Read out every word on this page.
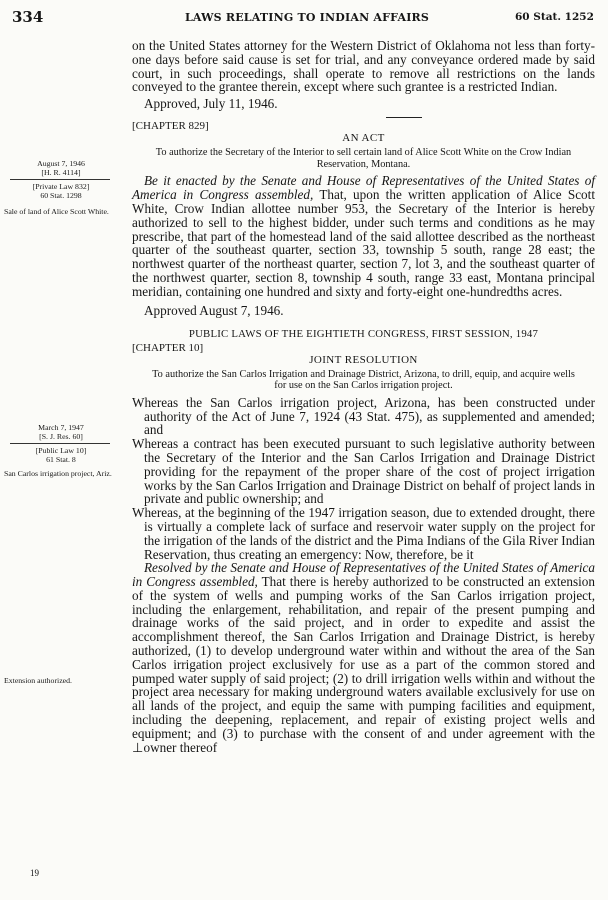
334	LAWS RELATING TO INDIAN AFFAIRS	60 Stat. 1252
August 7, 1946
[H. R. 4114]
[Private Law 832]
60 Stat. 1298
Sale of land of Alice Scott White.
March 7, 1947
[S. J. Res. 60]
[Public Law 10]
61 Stat. 8
San Carlos irrigation project, Ariz.
Extension authorized.
19

on the United States attorney for the Western District of Oklahoma not less than forty-one days before said cause is set for trial, and any conveyance ordered made by said court, in such proceedings, shall operate to remove all restrictions on the lands conveyed to the grantee therein, except where such grantee is a restricted Indian.

Approved, July 11, 1946.

[CHAPTER 829]

AN ACT

To authorize the Secretary of the Interior to sell certain land of Alice Scott White on the Crow Indian Reservation, Montana.

Be it enacted by the Senate and House of Representatives of the United States of America in Congress assembled, That, upon the written application of Alice Scott White, Crow Indian allottee number 953, the Secretary of the Interior is hereby authorized to sell to the highest bidder, under such terms and conditions as he may prescribe, that part of the homestead land of the said allottee described as the northeast quarter of the southeast quarter, section 33, township 5 south, range 28 east; the northwest quarter of the northeast quarter, section 7, lot 3, and the southeast quarter of the northwest quarter, section 8, township 4 south, range 33 east, Montana principal meridian, containing one hundred and sixty and forty-eight one-hundredths acres.

Approved August 7, 1946.

PUBLIC LAWS OF THE EIGHTIETH CONGRESS, FIRST SESSION, 1947

[CHAPTER 10]

JOINT RESOLUTION

To authorize the San Carlos Irrigation and Drainage District, Arizona, to drill, equip, and acquire wells for use on the San Carlos irrigation project.

Whereas the San Carlos irrigation project, Arizona, has been constructed under authority of the Act of June 7, 1924 (43 Stat. 475), as supplemented and amended; and

Whereas a contract has been executed pursuant to such legislative authority between the Secretary of the Interior and the San Carlos Irrigation and Drainage District providing for the repayment of the proper share of the cost of project irrigation works by the San Carlos Irrigation and Drainage District on behalf of project lands in private and public ownership; and

Whereas, at the beginning of the 1947 irrigation season, due to extended drought, there is virtually a complete lack of surface and reservoir water supply on the project for the irrigation of the lands of the district and the Pima Indians of the Gila River Indian Reservation, thus creating an emergency: Now, therefore, be it

Resolved by the Senate and House of Representatives of the United States of America in Congress assembled, That there is hereby authorized to be constructed an extension of the system of wells and pumping works of the San Carlos irrigation project, including the enlargement, rehabilitation, and repair of the present pumping and drainage works of the said project, and in order to expedite and assist the accomplishment thereof, the San Carlos Irrigation and Drainage District, is hereby authorized, (1) to develop underground water within and without the area of the San Carlos irrigation project exclusively for use as a part of the common stored and pumped water supply of said project; (2) to drill irrigation wells within and without the project area necessary for making underground waters available exclusively for use on all lands of the project, and equip the same with pumping facilities and equipment, including the deepening, replacement, and repair of existing project wells and equipment; and (3) to purchase with the consent of and under agreement with the ⊥owner thereof
